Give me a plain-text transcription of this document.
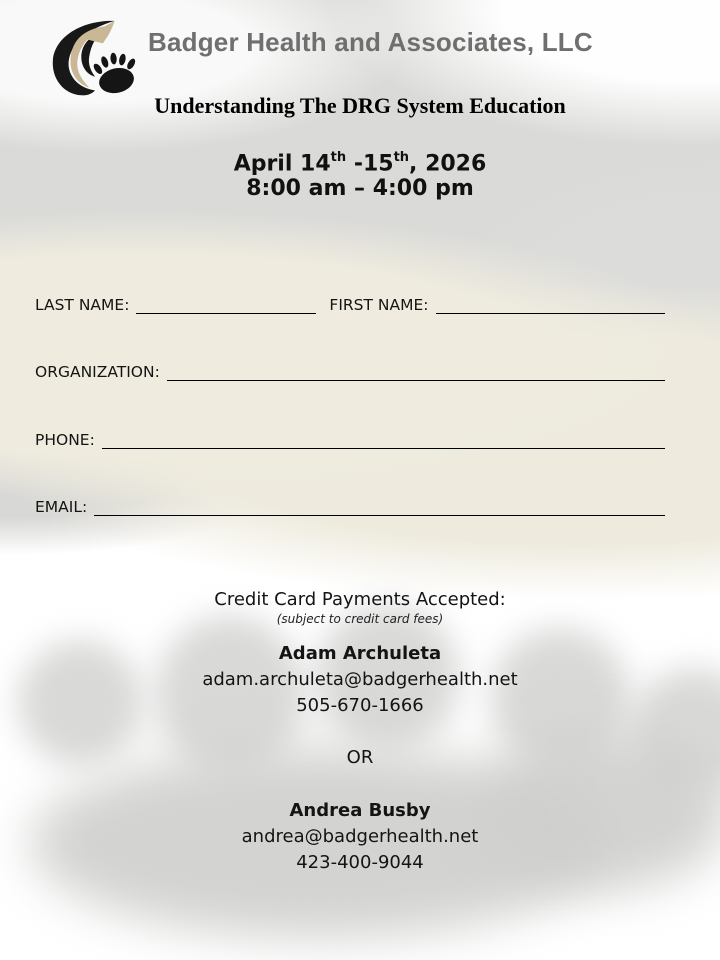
Badger Health and Associates, LLC
Understanding The DRG System Education
April 14th -15th, 2026
8:00 am – 4:00 pm
LAST NAME:	FIRST NAME:
ORGANIZATION:
PHONE:
EMAIL:
Credit Card Payments Accepted:
(subject to credit card fees)
Adam Archuleta
adam.archuleta@badgerhealth.net
505-670-1666
OR
Andrea Busby
andrea@badgerhealth.net
423-400-9044
